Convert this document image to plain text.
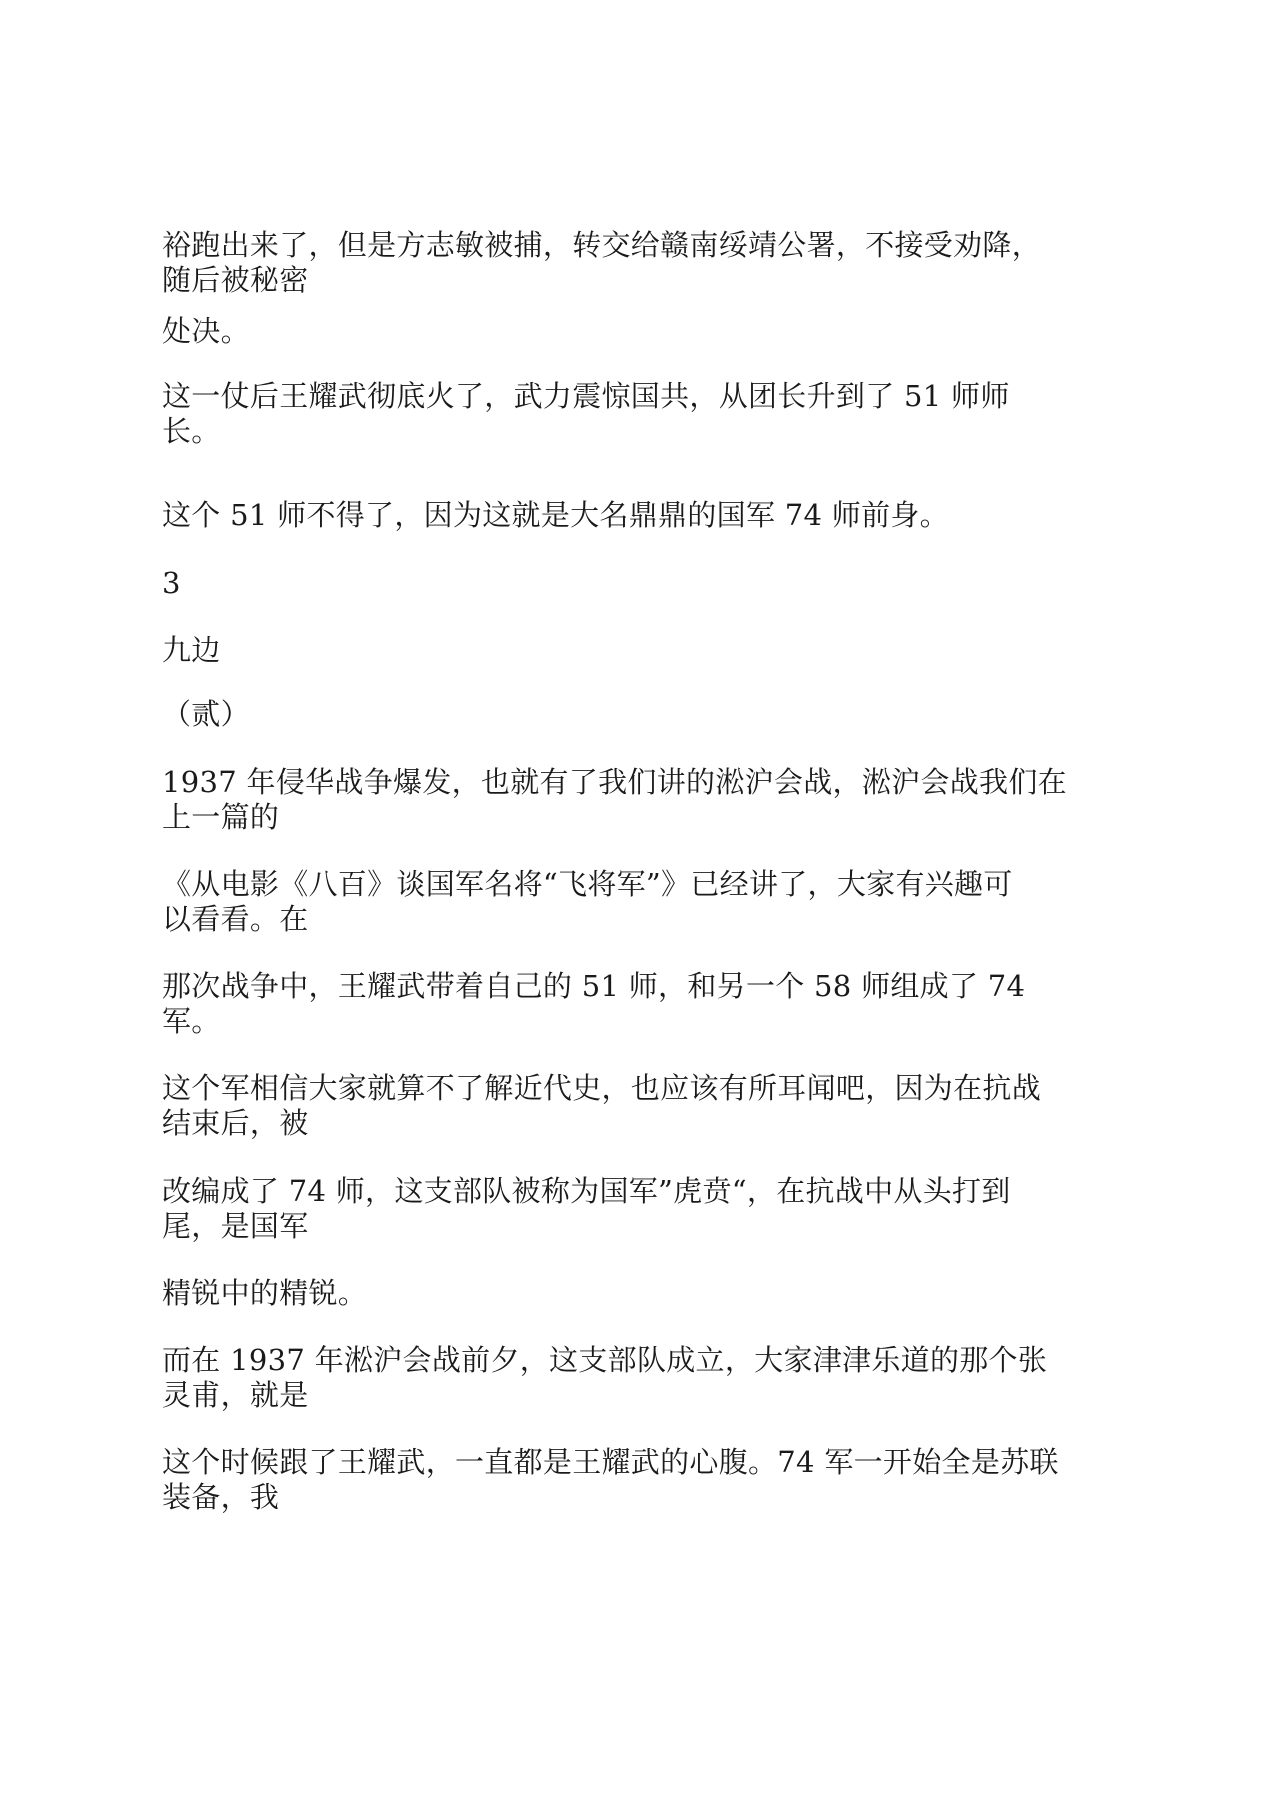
裕跑出来了，但是方志敏被捕，转交给赣南绥靖公署，不接受劝降，
随后被秘密

处决。

这一仗后王耀武彻底火了，武力震惊国共，从团长升到了 51 师师
长。

这个 51 师不得了，因为这就是大名鼎鼎的国军 74 师前身。

3

九边

（贰）

1937 年侵华战争爆发，也就有了我们讲的淞沪会战，淞沪会战我们在
上一篇的

《从电影《八百》谈国军名将“飞将军”》已经讲了，大家有兴趣可
以看看。在

那次战争中，王耀武带着自己的 51 师，和另一个 58 师组成了 74
军。

这个军相信大家就算不了解近代史，也应该有所耳闻吧，因为在抗战
结束后，被

改编成了 74 师，这支部队被称为国军”虎贲“，在抗战中从头打到
尾，是国军

精锐中的精锐。

而在 1937 年淞沪会战前夕，这支部队成立，大家津津乐道的那个张
灵甫，就是

这个时候跟了王耀武，一直都是王耀武的心腹。74 军一开始全是苏联
装备，我
